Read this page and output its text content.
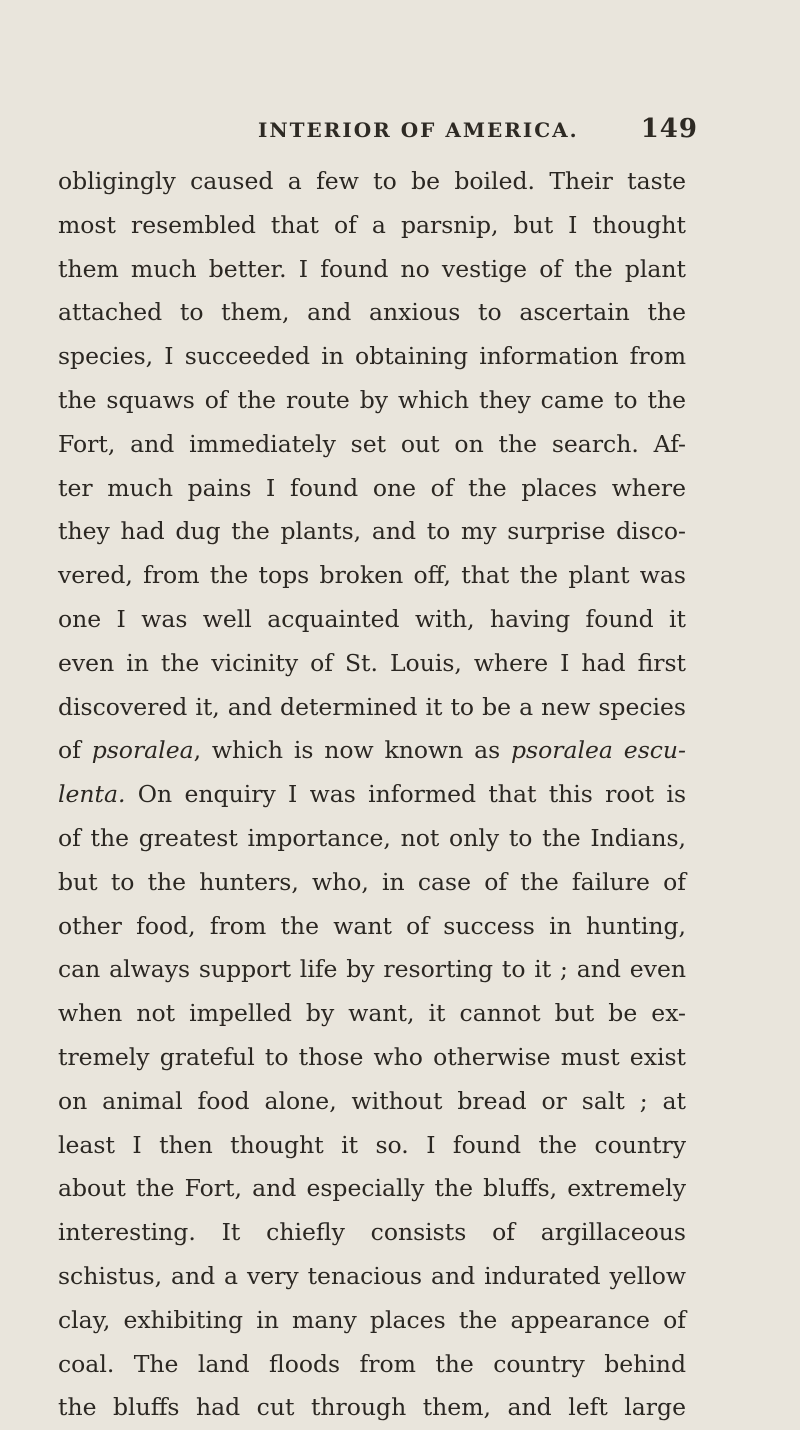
INTERIOR OF AMERICA. 149
obligingly caused a few to be boiled. Their taste
most resembled that of a parsnip, but I thought
them much better. I found no vestige of the plant
attached to them, and anxious to ascertain the
species, I succeeded in obtaining information from
the squaws of the route by which they came to the
Fort, and immediately set out on the search. Af-
ter much pains I found one of the places where
they had dug the plants, and to my surprise disco-
vered, from the tops broken off, that the plant was
one I was well acquainted with, having found it
even in the vicinity of St. Louis, where I had first
discovered it, and determined it to be a new species
of psoralea, which is now known as psoralea escu-
lenta. On enquiry I was informed that this root is
of the greatest importance, not only to the Indians,
but to the hunters, who, in case of the failure of
other food, from the want of success in hunting,
can always support life by resorting to it ; and even
when not impelled by want, it cannot but be ex-
tremely grateful to those who otherwise must exist
on animal food alone, without bread or salt ; at
least I then thought it so. I found the country
about the Fort, and especially the bluffs, extremely
interesting. It chiefly consists of argillaceous
schistus, and a very tenacious and indurated yellow
clay, exhibiting in many places the appearance of
coal. The land floods from the country behind
the bluffs had cut through them, and left large
